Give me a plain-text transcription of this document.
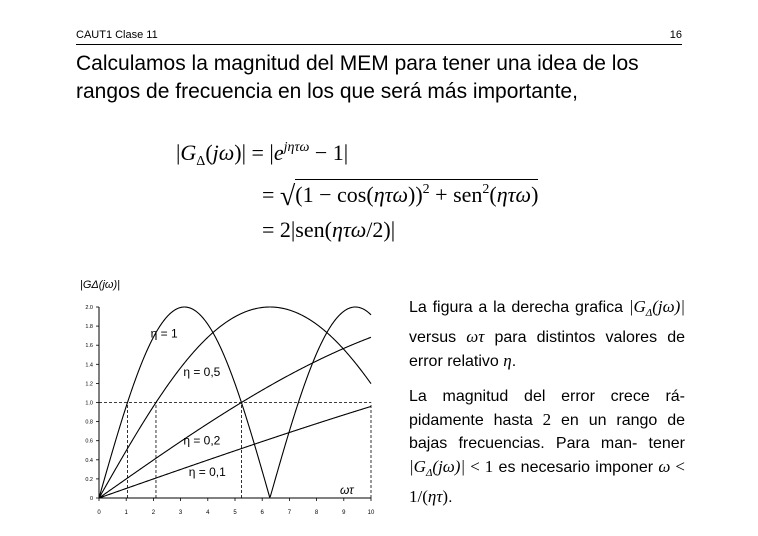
CAUT1 Clase 11	16
Calculamos la magnitud del MEM para tener una idea de los rangos de frecuencia en los que será más importante,
$|G_\Delta(j\omega)| = |e^{j\eta\tau\omega} - 1|$
= $√(1 - \cos(\eta\tau\omega))^2 + sen^2(\eta\tau\omega)$
= 2|sen(ητω/2)|
|GΔ(jω)|
ωτ
0	1	2	3	4	5	6	7	8	9	10
0
0.2
0.4
0.6
0.8
1.0
1.2
1.4
1.6
1.8
2.0
η = 1
η = 0,5
η = 0,2
η = 0,1
La figura a la derecha grafica $|G_\Delta(j\omega)|$ versus ωτ para distintos valores de error relativo η.
La magnitud del error crece rá- pidamente hasta 2 en un rango de bajas frecuencias. Para man- tener $|G_\Delta(j\omega)| < 1$ es necesario imponer ω < 1/(ητ).
